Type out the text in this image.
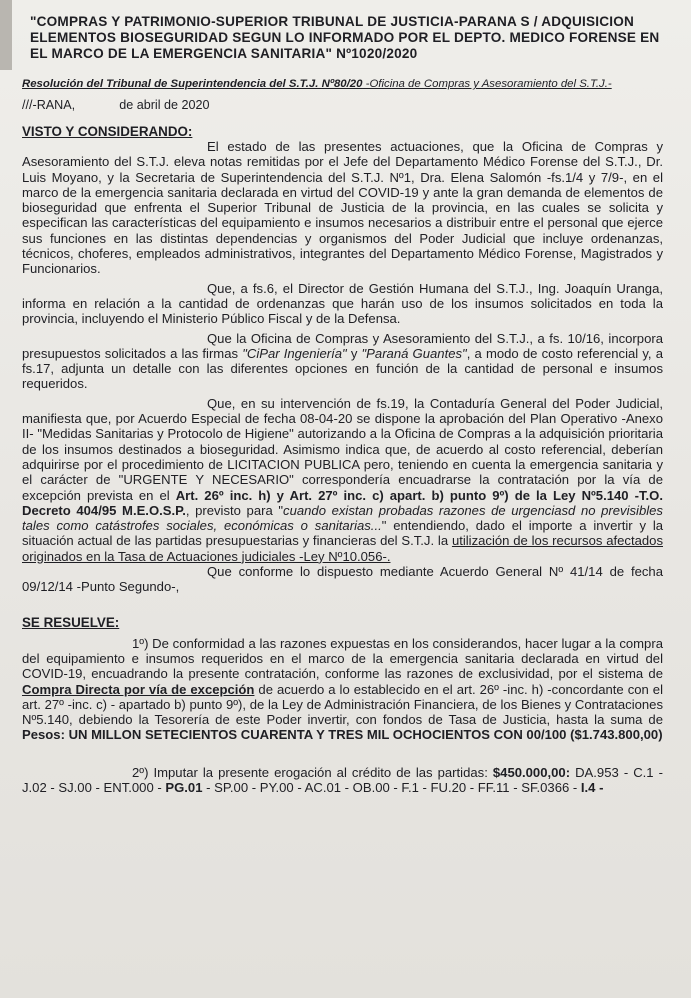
"COMPRAS Y PATRIMONIO-SUPERIOR TRIBUNAL DE JUSTICIA-PARANA S / ADQUISICION ELEMENTOS BIOSEGURIDAD SEGUN LO INFORMADO POR EL DEPTO. MEDICO FORENSE EN EL MARCO DE LA EMERGENCIA SANITARIA" Nº1020/2020
Resolución del Tribunal de Superintendencia del S.T.J. Nº80/20 -Oficina de Compras y Asesoramiento del S.T.J.-
///-RANA,	de abril de 2020
VISTO Y CONSIDERANDO:

El estado de las presentes actuaciones, que la Oficina de Compras y Asesoramiento del S.T.J. eleva notas remitidas por el Jefe del Departamento Médico Forense del S.T.J., Dr. Luis Moyano, y la Secretaria de Superintendencia del S.T.J. Nº1, Dra. Elena Salomón -fs.1/4 y 7/9-, en el marco de la emergencia sanitaria declarada en virtud del COVID-19 y ante la gran demanda de elementos de bioseguridad que enfrenta el Superior Tribunal de Justicia de la provincia, en las cuales se solicita y especifican las características del equipamiento e insumos necesarios a distribuir entre el personal que ejerce sus funciones en las distintas dependencias y organismos del Poder Judicial que incluye ordenanzas, técnicos, choferes, empleados administrativos, integrantes del Departamento Médico Forense, Magistrados y Funcionarios.

Que, a fs.6, el Director de Gestión Humana del S.T.J., Ing. Joaquín Uranga, informa en relación a la cantidad de ordenanzas que harán uso de los insumos solicitados en toda la provincia, incluyendo el Ministerio Público Fiscal y de la Defensa.

Que la Oficina de Compras y Asesoramiento del S.T.J., a fs. 10/16, incorpora presupuestos solicitados a las firmas "CiPar Ingeniería" y "Paraná Guantes", a modo de costo referencial y, a fs.17, adjunta un detalle con las diferentes opciones en función de la cantidad de personal e insumos requeridos.

Que, en su intervención de fs.19, la Contaduría General del Poder Judicial, manifiesta que, por Acuerdo Especial de fecha 08-04-20 se dispone la aprobación del Plan Operativo -Anexo II- "Medidas Sanitarias y Protocolo de Higiene" autorizando a la Oficina de Compras a la adquisición prioritaria de los insumos destinados a bioseguridad. Asimismo indica que, de acuerdo al costo referencial, deberían adquirirse por el procedimiento de LICITACION PUBLICA pero, teniendo en cuenta la emergencia sanitaria y el carácter de "URGENTE Y NECESARIO" correspondería encuadrarse la contratación por la vía de excepción prevista en el Art. 26º inc. h) y Art. 27º inc. c) apart. b) punto 9º) de la Ley Nº5.140 -T.O. Decreto 404/95 M.E.O.S.P., previsto para "cuando existan probadas razones de urgenciasd no previsibles tales como catástrofes sociales, económicas o sanitarias..." entendiendo, dado el importe a invertir y la situación actual de las partidas presupuestarias y financieras del S.T.J. la utilización de los recursos afectados originados en la Tasa de Actuaciones judiciales -Ley Nº10.056-.

Que conforme lo dispuesto mediante Acuerdo General Nº 41/14 de fecha 09/12/14 -Punto Segundo-,

SE RESUELVE:

1º) De conformidad a las razones expuestas en los considerandos, hacer lugar a la compra del equipamiento e insumos requeridos en el marco de la emergencia sanitaria declarada en virtud del COVID-19, encuadrando la presente contratación, conforme las razones de exclusividad, por el sistema de Compra Directa por vía de excepción de acuerdo a lo establecido en el art. 26º -inc. h) -concordante con el art. 27º -inc. c) - apartado b) punto 9º), de la Ley de Administración Financiera, de los Bienes y Contrataciones Nº5.140, debiendo la Tesorería de este Poder invertir, con fondos de Tasa de Justicia, hasta la suma de Pesos: UN MILLON SETECIENTOS CUARENTA Y TRES MIL OCHOCIENTOS CON 00/100 ($1.743.800,00)

2º) Imputar la presente erogación al crédito de las partidas: $450.000,00: DA.953 - C.1 - J.02 - SJ.00 - ENT.000 - PG.01 - SP.00 - PY.00 - AC.01 - OB.00 - F.1 - FU.20 - FF.11 - SF.0366 - I.4 -
